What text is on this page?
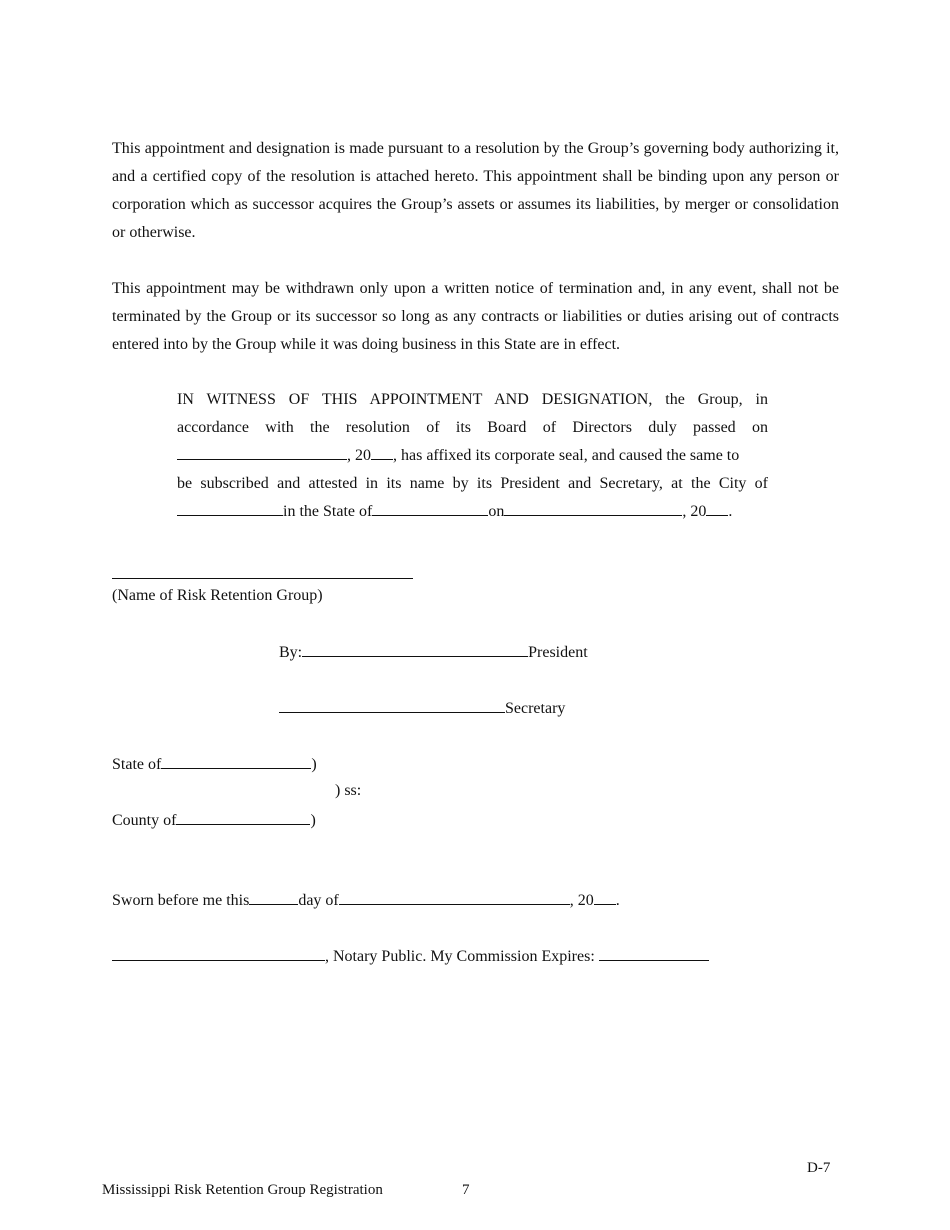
This appointment and designation is made pursuant to a resolution by the Group’s governing body authorizing it, and a certified copy of the resolution is attached hereto. This appointment shall be binding upon any person or corporation which as successor acquires the Group’s assets or assumes its liabilities, by merger or consolidation or otherwise.

This appointment may be withdrawn only upon a written notice of termination and, in any event, shall not be terminated by the Group or its successor so long as any contracts or liabilities or duties arising out of contracts entered into by the Group while it was doing business in this State are in effect.

IN WITNESS OF THIS APPOINTMENT AND DESIGNATION, the Group, in
accordance with the resolution of its Board of Directors duly passed on
, 20 , has affixed its corporate seal, and caused the same to
be subscribed and attested in its name by its President and Secretary, at the City of
in the State of	on	, 20 .
(Name of Risk Retention Group)
By:	President
Secretary
State of	)
) ss:
County of	)
Sworn before me this	day of	, 20 .
, Notary Public. My Commission Expires:
D-7
Mississippi Risk Retention Group Registration	7
